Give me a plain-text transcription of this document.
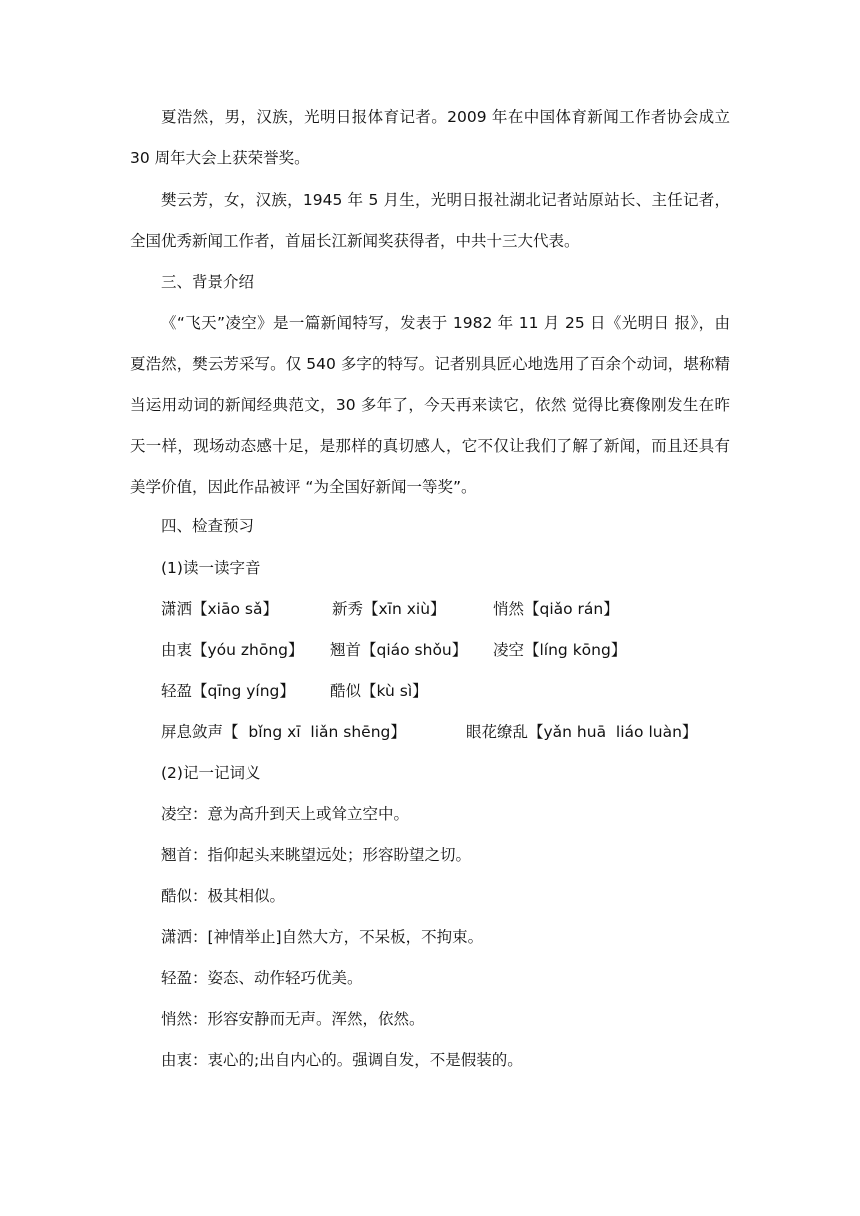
夏浩然，男，汉族，光明日报体育记者。2009 年在中国体育新闻工作者协会成立30 周年大会上获荣誉奖。

樊云芳，女，汉族，1945 年 5 月生，光明日报社湖北记者站原站长、主任记者，全国优秀新闻工作者，首届长江新闻奖获得者，中共十三大代表。

三、背景介绍

《“飞天”凌空》是一篇新闻特写，发表于 1982 年 11 月 25 日《光明日 报》，由夏浩然，樊云芳采写。仅 540 多字的特写。记者别具匠心地选用了百余个动词，堪称精当运用动词的新闻经典范文，30 多年了，今天再来读它，依然 觉得比赛像刚发生在昨天一样，现场动态感十足，是那样的真切感人，它不仅让我们了解了新闻，而且还具有美学价值，因此作品被评 “为全国好新闻一等奖”。

四、检查预习

(1)读一读字音

潇洒【xiāo sǎ】	新秀【xīn xiù】	悄然【qiǎo rán】
由衷【yóu zhōng】 翘首【qiáo shǒu】 凌空【líng kōng】
轻盈【qīng yíng】 酷似【kù sì】
屏息敛声【  bǐng xī  liǎn shēng】	眼花缭乱【yǎn huā  liáo luàn】

(2)记一记词义

凌空：意为高升到天上或耸立空中。

翘首：指仰起头来眺望远处；形容盼望之切。

酷似：极其相似。

潇洒：[神情举止]自然大方，不呆板，不拘束。

轻盈：姿态、动作轻巧优美。

悄然：形容安静而无声。浑然，依然。

由衷：衷心的;出自内心的。强调自发，不是假装的。
